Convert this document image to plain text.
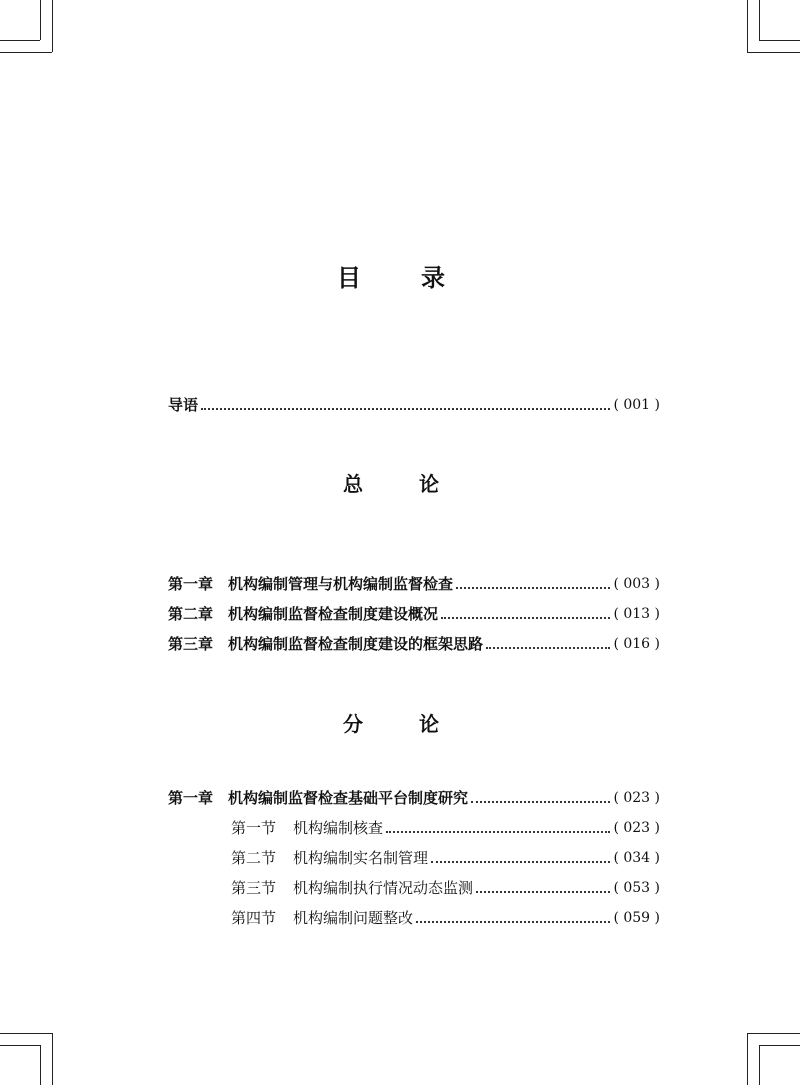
目　录
导语	( 001 )
总　论
第一章 机构编制管理与机构编制监督检查	( 003 )
第二章 机构编制监督检查制度建设概况	( 013 )
第三章 机构编制监督检查制度建设的框架思路	( 016 )
分　论
第一章 机构编制监督检查基础平台制度研究	( 023 )
第一节	机构编制核查	( 023 )
第二节	机构编制实名制管理	( 034 )
第三节	机构编制执行情况动态监测	( 053 )
第四节	机构编制问题整改	( 059 )
